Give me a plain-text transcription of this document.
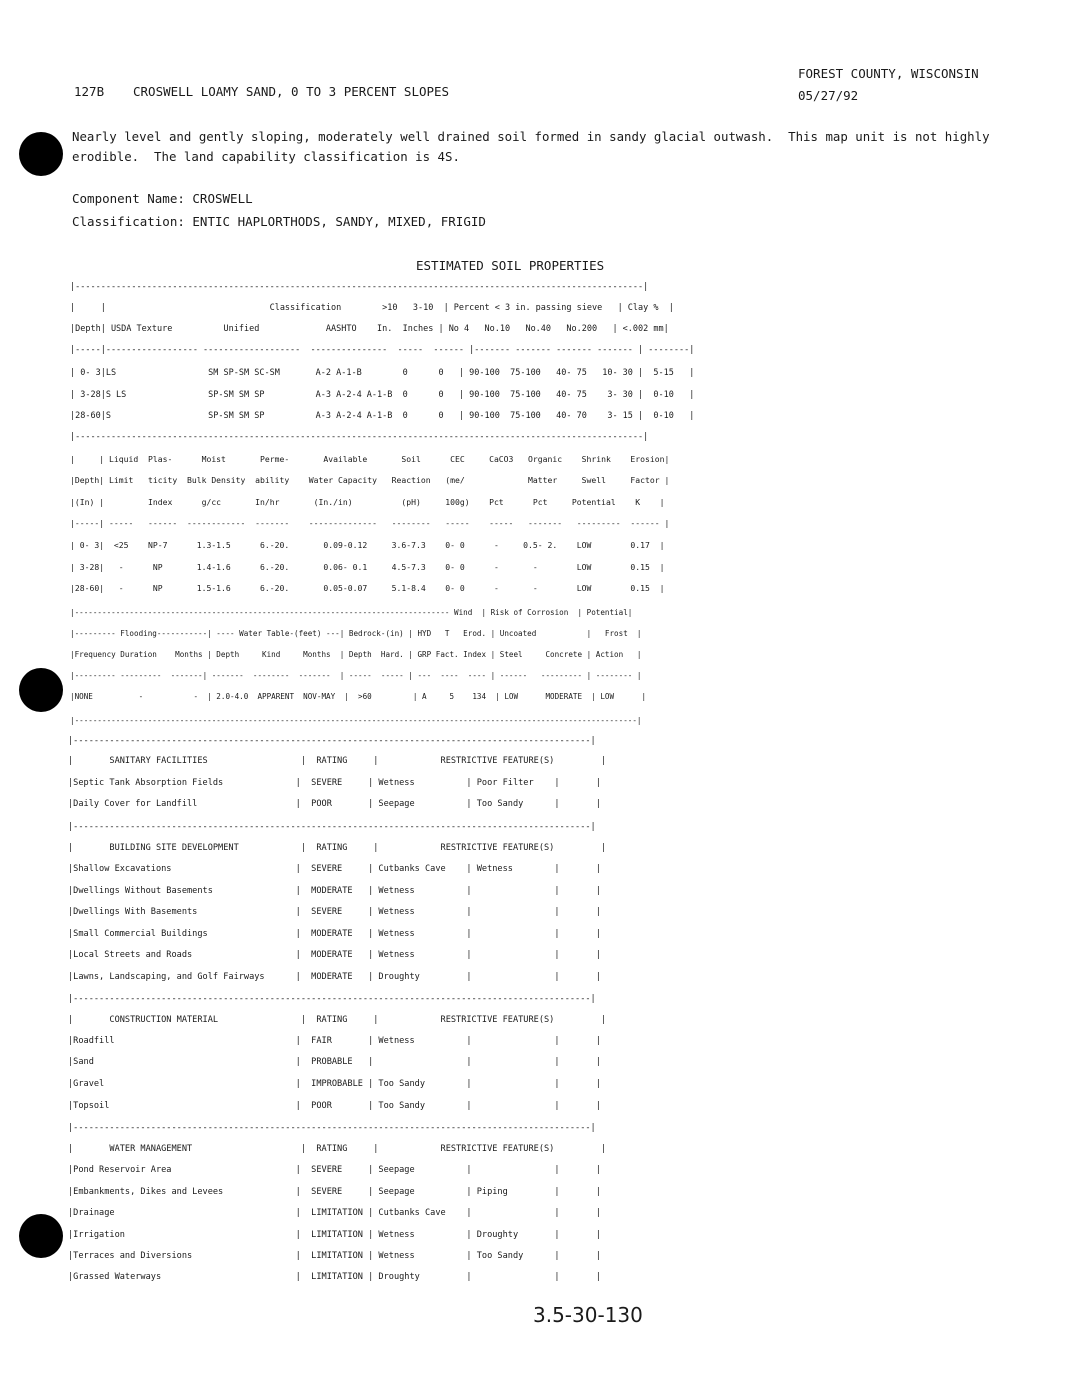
FOREST COUNTY, WISCONSIN
127B CROSWELL LOAMY SAND, 0 TO 3 PERCENT SLOPES	05/27/92
Nearly level and gently sloping, moderately well drained soil formed in sandy glacial outwash.  This map unit is not highly
erodible.  The land capability classification is 4S.
Component Name: CROSWELL
Classification: ENTIC HAPLORTHODS, SANDY, MIXED, FRIGID
ESTIMATED SOIL PROPERTIES
|---------------------------------------------------------------------------------------------------------------|
|     |                                Classification        >10   3-10  | Percent < 3 in. passing sieve   | Clay %  |
|Depth| USDA Texture          Unified             AASHTO    In.  Inches | No 4   No.10   No.40   No.200   | <.002 mm|
|-----|------------------ -------------------  ---------------  -----  ------ |------- ------- ------- ------- | --------|
| 0- 3|LS                  SM SP-SM SC-SM       A-2 A-1-B        0      0   | 90-100  75-100   40- 75   10- 30 |  5-15   |
| 3-28|S LS                SP-SM SM SP          A-3 A-2-4 A-1-B  0      0   | 90-100  75-100   40- 75    3- 30 |  0-10   |
|28-60|S                   SP-SM SM SP          A-3 A-2-4 A-1-B  0      0   | 90-100  75-100   40- 70    3- 15 |  0-10   |
|---------------------------------------------------------------------------------------------------------------|
|     | Liquid  Plas-      Moist       Perme-       Available       Soil      CEC     CaCO3   Organic    Shrink    Erosion|
|Depth| Limit   ticity  Bulk Density  ability    Water Capacity   Reaction   (me/             Matter     Swell     Factor |
|(In) |         Index      g/cc       In/hr       (In./in)          (pH)     100g)    Pct      Pct     Potential    K    |
|-----| -----   ------  ------------  -------    --------------   --------   -----    -----   -------   ---------  ------ |
| 0- 3|  <25    NP-7      1.3-1.5      6.-20.       0.09-0.12     3.6-7.3    0- 0      -     0.5- 2.    LOW        0.17  |
| 3-28|   -      NP       1.4-1.6      6.-20.       0.06- 0.1     4.5-7.3    0- 0      -       -        LOW        0.15  |
|28-60|   -      NP       1.5-1.6      6.-20.       0.05-0.07     5.1-8.4    0- 0      -       -        LOW        0.15  |
|---------------------------------------------------------------------------------- Wind  | Risk of Corrosion  | Potential|
|--------- Flooding-----------| ---- Water Table-(feet) ---| Bedrock-(in) | HYD   T   Erod. | Uncoated           |   Frost  |
|Frequency Duration    Months | Depth     Kind     Months  | Depth  Hard. | GRP Fact. Index | Steel     Concrete | Action   |
|--------- ---------  -------| -------  --------  -------  | -----  ----- | ---  ----  ---- | ------   --------- | -------- |
|NONE          -           -  | 2.0-4.0  APPARENT  NOV-MAY  |  >60         | A     5    134  | LOW      MODERATE  | LOW      |
|---------------------------------------------------------------------------------------------------------------------------|
|----------------------------------------------------------------------------------------------------|
|       SANITARY FACILITIES                  |  RATING     |            RESTRICTIVE FEATURE(S)         |
|Septic Tank Absorption Fields              |  SEVERE     | Wetness          | Poor Filter    |       |
|Daily Cover for Landfill                   |  POOR       | Seepage          | Too Sandy      |       |
|----------------------------------------------------------------------------------------------------|
|       BUILDING SITE DEVELOPMENT            |  RATING     |            RESTRICTIVE FEATURE(S)         |
|Shallow Excavations                        |  SEVERE     | Cutbanks Cave    | Wetness        |       |
|Dwellings Without Basements                |  MODERATE   | Wetness          |                |       |
|Dwellings With Basements                   |  SEVERE     | Wetness          |                |       |
|Small Commercial Buildings                 |  MODERATE   | Wetness          |                |       |
|Local Streets and Roads                    |  MODERATE   | Wetness          |                |       |
|Lawns, Landscaping, and Golf Fairways      |  MODERATE   | Droughty         |                |       |
|----------------------------------------------------------------------------------------------------|
|       CONSTRUCTION MATERIAL                |  RATING     |            RESTRICTIVE FEATURE(S)         |
|Roadfill                                   |  FAIR       | Wetness          |                |       |
|Sand                                       |  PROBABLE   |                  |                |       |
|Gravel                                     |  IMPROBABLE | Too Sandy        |                |       |
|Topsoil                                    |  POOR       | Too Sandy        |                |       |
|----------------------------------------------------------------------------------------------------|
|       WATER MANAGEMENT                     |  RATING     |            RESTRICTIVE FEATURE(S)         |
|Pond Reservoir Area                        |  SEVERE     | Seepage          |                |       |
|Embankments, Dikes and Levees              |  SEVERE     | Seepage          | Piping         |       |
|Drainage                                   |  LIMITATION | Cutbanks Cave    |                |       |
|Irrigation                                 |  LIMITATION | Wetness          | Droughty       |       |
|Terraces and Diversions                    |  LIMITATION | Wetness          | Too Sandy      |       |
|Grassed Waterways                          |  LIMITATION | Droughty         |                |       |
3.5-30-130
